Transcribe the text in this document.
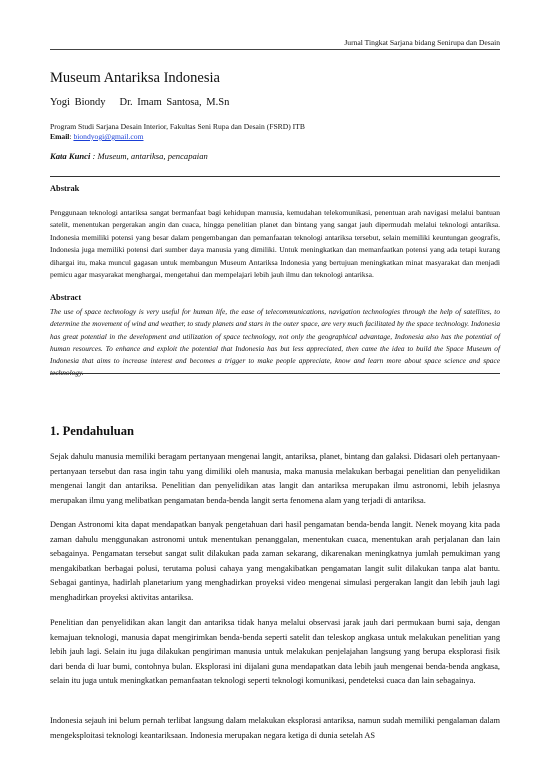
Jurnal Tingkat Sarjana bidang Senirupa dan Desain
Museum Antariksa Indonesia
Yogi Biondy Dr. Imam Santosa, M.Sn
Program Studi Sarjana Desain Interior, Fakultas Seni Rupa dan Desain (FSRD) ITB
Email: biondyogi@gmail.com
Kata Kunci : Museum, antariksa, pencapaian
Abstrak

Penggunaan teknologi antariksa sangat bermanfaat bagi kehidupan manusia, kemudahan telekomunikasi, penentuan arah navigasi melalui bantuan satelit, menentukan pergerakan angin dan cuaca, hingga penelitian planet dan bintang yang sangat jauh dipermudah melalui teknologi antariksa. Indonesia memiliki potensi yang besar dalam pengembangan dan pemanfaatan teknologi antariksa tersebut, selain memiliki keuntungan geografis, Indonesia juga memiliki potensi dari sumber daya manusia yang dimiliki. Untuk meningkatkan dan memanfaatkan potensi yang ada tetapi kurang dihargai itu, maka muncul gagasan untuk membangun Museum Antariksa Indonesia yang bertujuan meningkatkan minat masyarakat dan menjadi pemicu agar masyarakat menghargai, mengetahui dan mempelajari lebih jauh ilmu dan teknologi antariksa.

Abstract

The use of space technology is very useful for human life, the ease of telecommunications, navigation technologies through the help of satellites, to determine the movement of wind and weather, to study planets and stars in the outer space, are very much facilitated by the space technology. Indonesia has great potential in the development and utilization of space technology, not only the geographical advantage, Indonesia also has the potential of human resources. To enhance and exploit the potential that Indonesia has but less appreciated, then came the idea to build the Space Museum of Indonesia that aims to increase interest and becomes a trigger to make people appreciate, know and learn more about space science and space technology.

1. Pendahuluan

Sejak dahulu manusia memiliki beragam pertanyaan mengenai langit, antariksa, planet, bintang dan galaksi. Didasari oleh pertanyaan-pertanyaan tersebut dan rasa ingin tahu yang dimiliki oleh manusia, maka manusia melakukan berbagai penelitian dan penyelidikan mengenai langit dan antariksa. Penelitian dan penyelidikan atas langit dan antariksa merupakan ilmu astronomi, lebih jelasnya merupakan ilmu yang melibatkan pengamatan benda-benda langit serta fenomena alam yang terjadi di antariksa.

Dengan Astronomi kita dapat mendapatkan banyak pengetahuan dari hasil pengamatan benda-benda langit. Nenek moyang kita pada zaman dahulu menggunakan astronomi untuk menentukan penanggalan, menentukan cuaca, menentukan arah perjalanan dan lain sebagainya. Pengamatan tersebut sangat sulit dilakukan pada zaman sekarang, dikarenakan meningkatnya jumlah pemukiman yang mengakibatkan berbagai polusi, terutama polusi cahaya yang mengakibatkan pengamatan langit sulit dilakukan tanpa alat bantu. Sebagai gantinya, hadirlah planetarium yang menghadirkan proyeksi video mengenai simulasi pergerakan langit dan lebih jauh lagi menghadirkan proyeksi aktivitas antariksa.

Penelitian dan penyelidikan akan langit dan antariksa tidak hanya melalui observasi jarak jauh dari permukaan bumi saja, dengan kemajuan teknologi, manusia dapat mengirimkan benda-benda seperti satelit dan teleskop angkasa untuk melakukan penelitian yang lebih jauh lagi. Selain itu juga dilakukan pengiriman manusia untuk melakukan penjelajahan langsung yang berupa eksplorasi fisik dari benda di luar bumi, contohnya bulan. Eksplorasi ini dijalani guna mendapatkan data lebih jauh mengenai benda-benda angkasa, selain itu juga untuk meningkatkan pemanfaatan teknologi seperti teknologi komunikasi, pendeteksi cuaca dan lain sebagainya.

Indonesia sejauh ini belum pernah terlibat langsung dalam melakukan eksplorasi antariksa, namun sudah memiliki pengalaman dalam mengeksploitasi teknologi keantariksaan. Indonesia merupakan negara ketiga di dunia setelah AS
